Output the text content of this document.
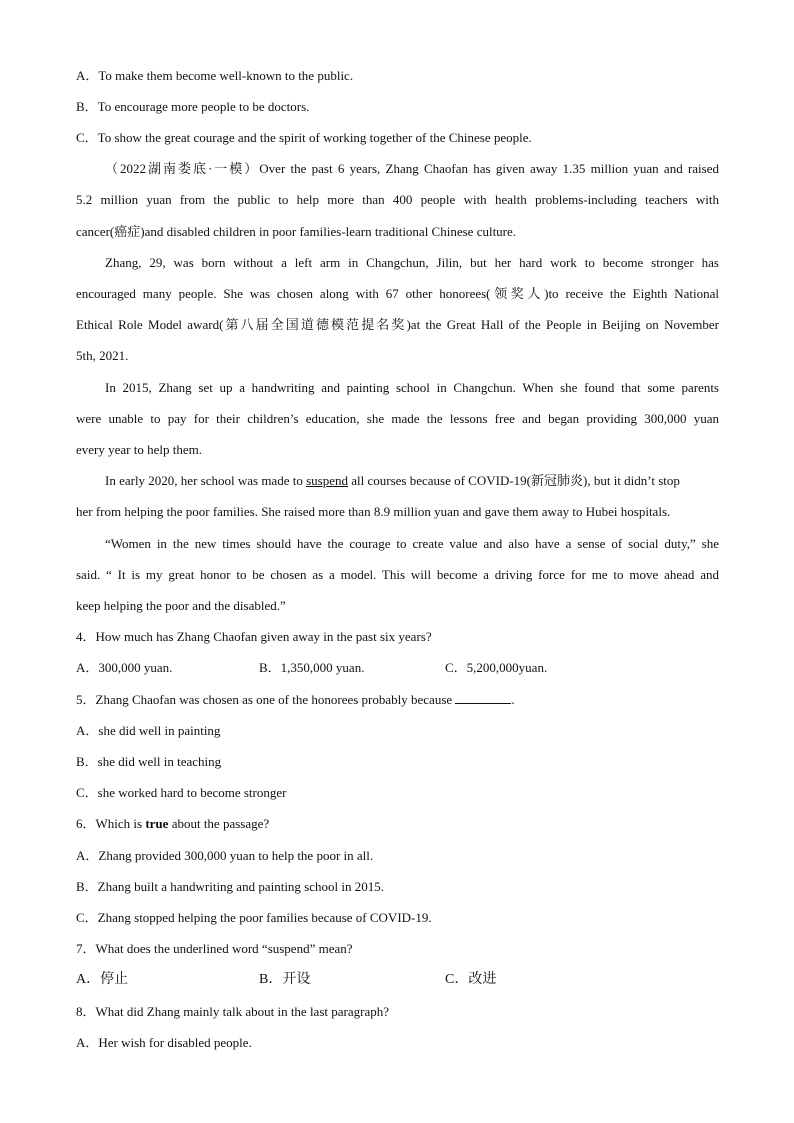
A．To make them become well-known to the public.
B．To encourage more people to be doctors.
C．To show the great courage and the spirit of working together of the Chinese people.
（2022湖南娄底·一模）Over the past 6 years, Zhang Chaofan has given away 1.35 million yuan and raised
5.2 million yuan from the public to help more than 400 people with health problems-including teachers with
cancer(癌症)and disabled children in poor families-learn traditional Chinese culture.
Zhang, 29, was born without a left arm in Changchun, Jilin, but her hard work to become stronger has
encouraged many people. She was chosen along with 67 other honorees(领奖人)to receive the Eighth National
Ethical Role Model award(第八届全国道德模范提名奖)at the Great Hall of the People in Beijing on November
5th, 2021.
In 2015, Zhang set up a handwriting and painting school in Changchun. When she found that some parents
were unable to pay for their children’s education, she made the lessons free and began providing 300,000 yuan
every year to help them.
In early 2020, her school was made to suspend all courses because of COVID-19(新冠肺炎), but it didn’t stop
her from helping the poor families. She raised more than 8.9 million yuan and gave them away to Hubei hospitals.
“Women in the new times should have the courage to create value and also have a sense of social duty,” she
said. “ It is my great honor to be chosen as a model. This will become a driving force for me to move ahead and
keep helping the poor and the disabled.”
4．How much has Zhang Chaofan given away in the past six years?
A．300,000 yuan.	B．1,350,000 yuan.	C．5,200,000yuan.
5．Zhang Chaofan was chosen as one of the honorees probably because	.
A．she did well in painting
B．she did well in teaching
C．she worked hard to become stronger
6．Which is true about the passage?
A．Zhang provided 300,000 yuan to help the poor in all.
B．Zhang built a handwriting and painting school in 2015.
C．Zhang stopped helping the poor families because of COVID-19.
7．What does the underlined word “suspend” mean?
A．停止	B．开设	C．改进
8．What did Zhang mainly talk about in the last paragraph?
A．Her wish for disabled people.
